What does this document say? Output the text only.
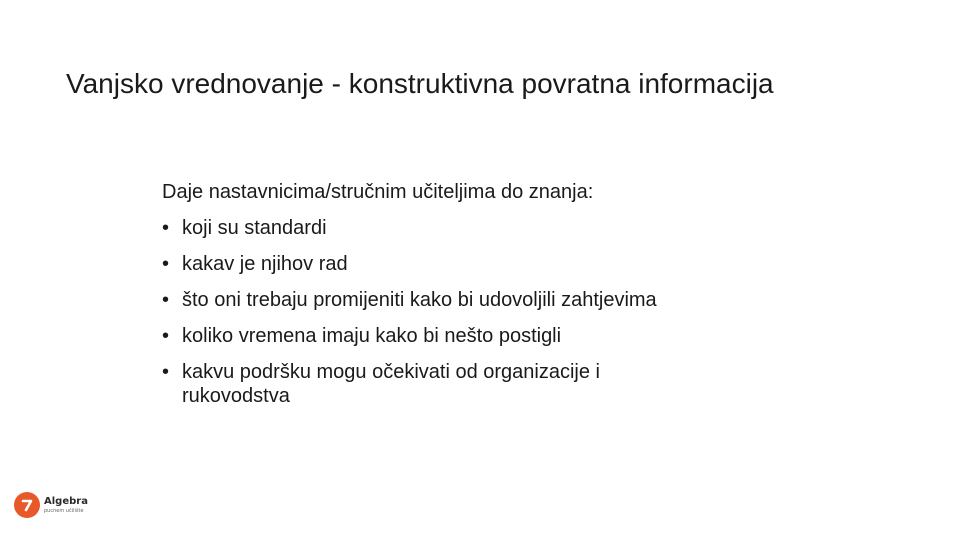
Vanjsko vrednovanje - konstruktivna povratna informacija

Daje nastavnicima/stručnim učiteljima do znanja:

• koji su standardi
• kakav je njihov rad
• što oni trebaju promijeniti kako bi udovoljili zahtjevima
• koliko vremena imaju kako bi nešto postigli
• kakvu podršku mogu očekivati od organizacije i rukovodstva
Algebra
pucnem učilište
